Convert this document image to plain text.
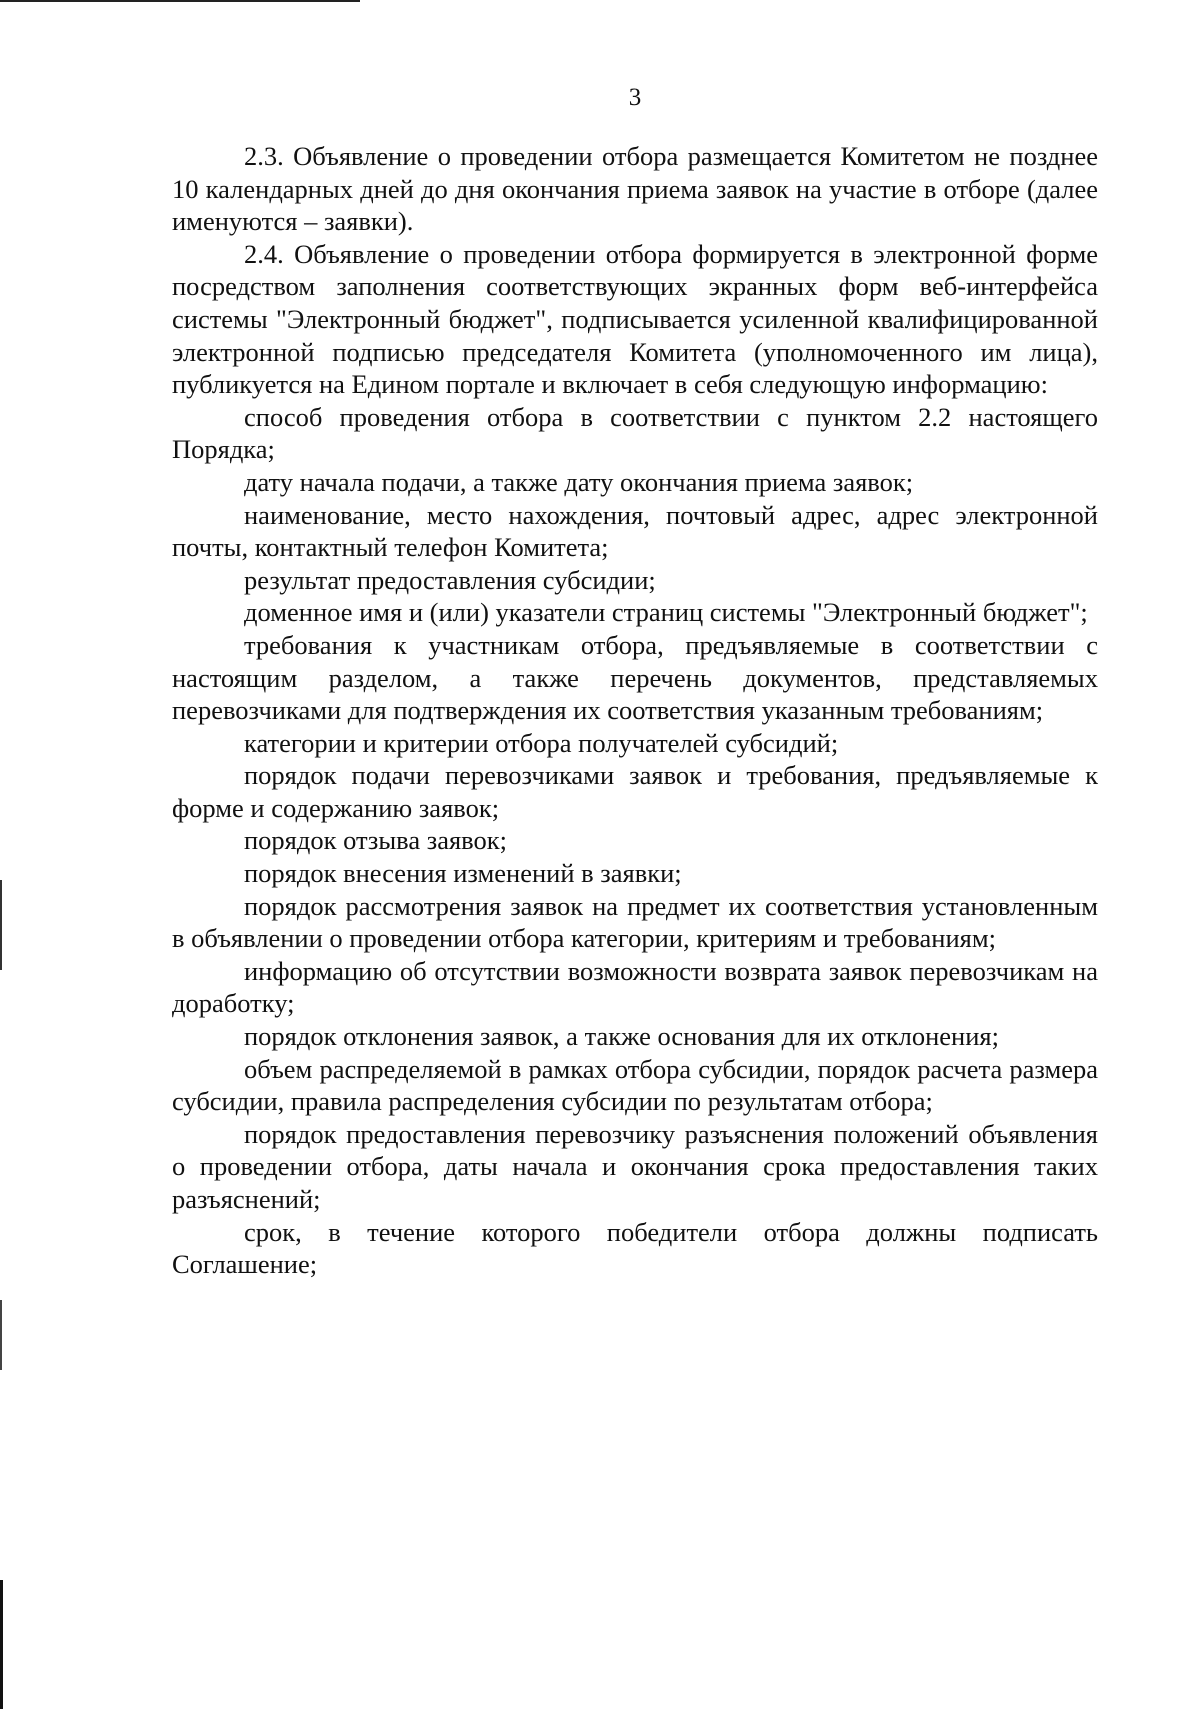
3

2.3. Объявление о проведении отбора размещается Комитетом не позднее 10 календарных дней до дня окончания приема заявок на участие в отборе (далее именуются – заявки).

2.4. Объявление о проведении отбора формируется в электронной форме посредством заполнения соответствующих экранных форм веб-интерфейса системы "Электронный бюджет", подписывается усиленной квалифицированной электронной подписью председателя Комитета (уполномоченного им лица), публикуется на Едином портале и включает в себя следующую информацию:

способ проведения отбора в соответствии с пунктом 2.2 настоящего Порядка;

дату начала подачи, а также дату окончания приема заявок;

наименование, место нахождения, почтовый адрес, адрес электронной почты, контактный телефон Комитета;

результат предоставления субсидии;

доменное имя и (или) указатели страниц системы "Электронный бюджет";

требования к участникам отбора, предъявляемые в соответствии с настоящим разделом, а также перечень документов, представляемых перевозчиками для подтверждения их соответствия указанным требованиям;

категории и критерии отбора получателей субсидий;

порядок подачи перевозчиками заявок и требования, предъявляемые к форме и содержанию заявок;

порядок отзыва заявок;

порядок внесения изменений в заявки;

порядок рассмотрения заявок на предмет их соответствия установленным в объявлении о проведении отбора категории, критериям и требованиям;

информацию об отсутствии возможности возврата заявок перевозчикам на доработку;

порядок отклонения заявок, а также основания для их отклонения;

объем распределяемой в рамках отбора субсидии, порядок расчета размера субсидии, правила распределения субсидии по результатам отбора;

порядок предоставления перевозчику разъяснения положений объявления о проведении отбора, даты начала и окончания срока предоставления таких разъяснений;

срок, в течение которого победители отбора должны подписать Соглашение;
